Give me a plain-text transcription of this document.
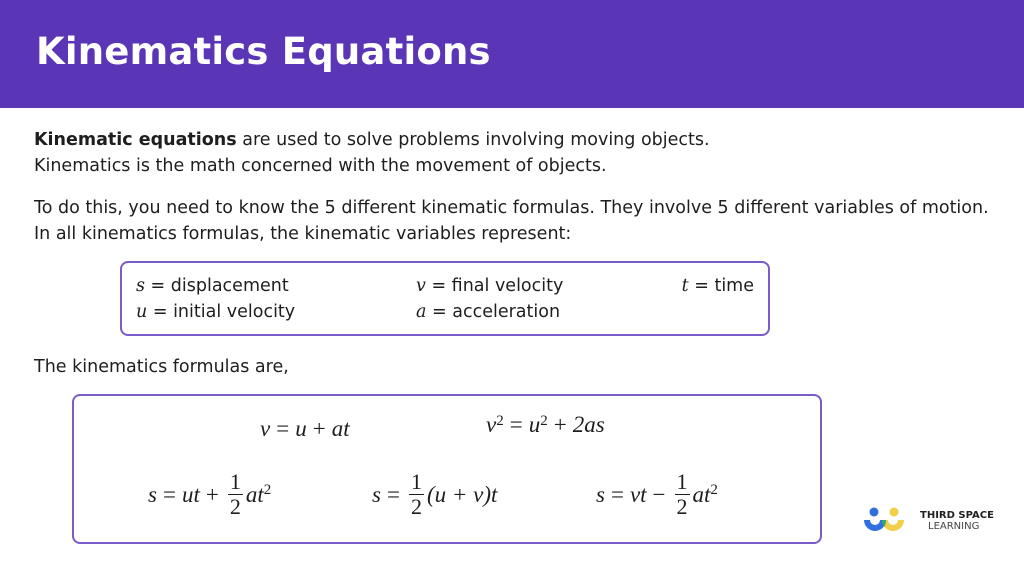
Kinematics Equations

Kinematic equations are used to solve problems involving moving objects.
Kinematics is the math concerned with the movement of objects.

To do this, you need to know the 5 different kinematic formulas. They involve 5 different variables of motion. In all kinematics formulas, the kinematic variables represent:

s = displacement	v = final velocity	t = time
u = initial velocity	a = acceleration

The kinematics formulas are,

v = u + at	$v^2 = u^2 + 2as$
s = ut + $\frac{1}{2} at^2$	$s = \frac{1}{2} (u + v)t$	s = vt − $\frac{1}{2} at^2$
THIRD SPACE
LEARNING
